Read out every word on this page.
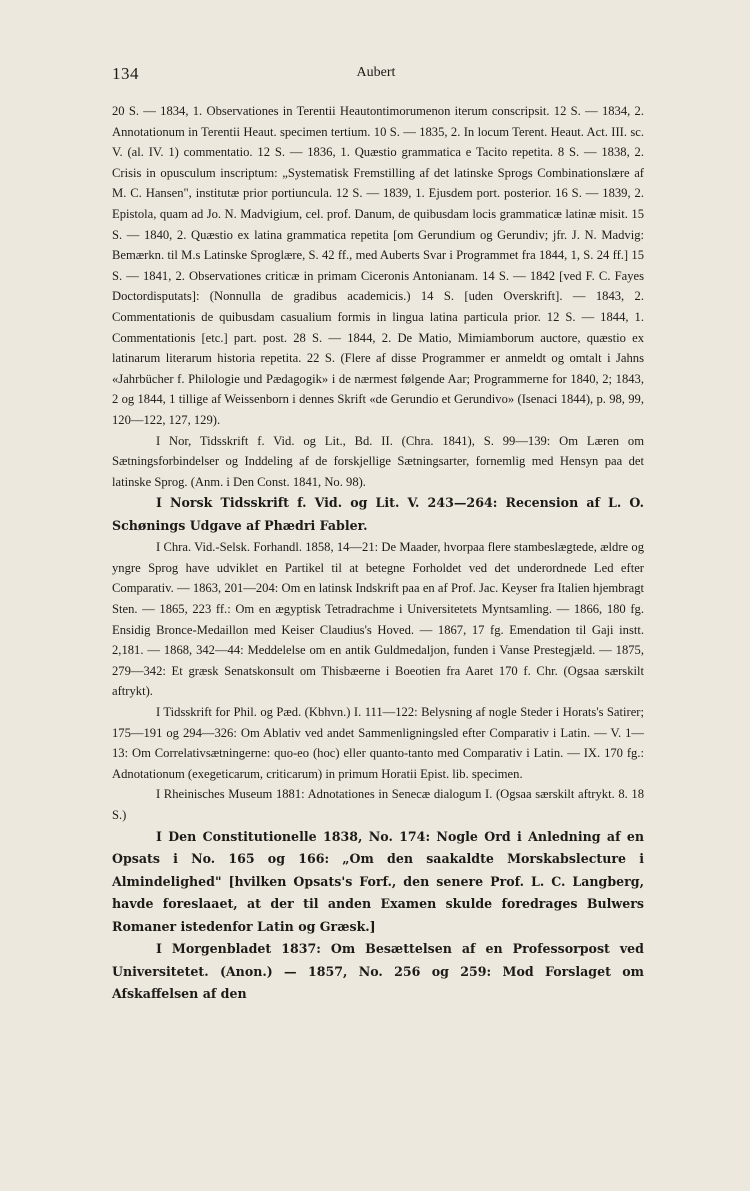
134	Aubert

20 S. — 1834, 1. Observationes in Terentii Heautontimorumenon iterum conscripsit. 12 S. — 1834, 2. Annotationum in Terentii Heaut. specimen tertium. 10 S. — 1835, 2. In locum Terent. Heaut. Act. III. sc. V. (al. IV. 1) commentatio. 12 S. — 1836, 1. Quæstio grammatica e Tacito repetita. 8 S. — 1838, 2. Crisis in opusculum inscriptum: „Systematisk Fremstilling af det latinske Sprogs Combinationslære af M. C. Hansen", institutæ prior portiuncula. 12 S. — 1839, 1. Ejusdem port. posterior. 16 S. — 1839, 2. Epistola, quam ad Jo. N. Madvigium, cel. prof. Danum, de quibusdam locis grammaticæ latinæ misit. 15 S. — 1840, 2. Quæstio ex latina grammatica repetita [om Gerundium og Gerundiv; jfr. J. N. Madvig: Bemærkn. til M.s Latinske Sproglære, S. 42 ff., med Auberts Svar i Programmet fra 1844, 1, S. 24 ff.] 15 S. — 1841, 2. Observationes criticæ in primam Ciceronis Antonianam. 14 S. — 1842 [ved F. C. Fayes Doctordisputats]: (Nonnulla de gradibus academicis.) 14 S. [uden Overskrift]. — 1843, 2. Commentationis de quibusdam casualium formis in lingua latina particula prior. 12 S. — 1844, 1. Commentationis [etc.] part. post. 28 S. — 1844, 2. De Matio, Mimiamborum auctore, quæstio ex latinarum literarum historia repetita. 22 S. (Flere af disse Programmer er anmeldt og omtalt i Jahns «Jahrbücher f. Philologie und Pædagogik» i de nærmest følgende Aar; Programmerne for 1840, 2; 1843, 2 og 1844, 1 tillige af Weissenborn i dennes Skrift «de Gerundio et Gerundivo» (Isenaci 1844), p. 98, 99, 120—122, 127, 129).

I Nor, Tidsskrift f. Vid. og Lit., Bd. II. (Chra. 1841), S. 99—139: Om Læren om Sætningsforbindelser og Inddeling af de forskjellige Sætningsarter, fornemlig med Hensyn paa det latinske Sprog. (Anm. i Den Const. 1841, No. 98).

I Norsk Tidsskrift f. Vid. og Lit. V. 243—264: Recension af L. O. Schønings Udgave af Phædri Fabler.

I Chra. Vid.-Selsk. Forhandl. 1858, 14—21: De Maader, hvorpaa flere stambeslægtede, ældre og yngre Sprog have udviklet en Partikel til at betegne Forholdet ved det underordnede Led efter Comparativ. — 1863, 201—204: Om en latinsk Indskrift paa en af Prof. Jac. Keyser fra Italien hjembragt Sten. — 1865, 223 ff.: Om en ægyptisk Tetradrachme i Universitetets Myntsamling. — 1866, 180 fg. Ensidig Bronce-Medaillon med Keiser Claudius's Hoved. — 1867, 17 fg. Emendation til Gaji instt. 2,181. — 1868, 342—44: Meddelelse om en antik Guldmedaljon, funden i Vanse Prestegjæld. — 1875, 279—342: Et græsk Senatskonsult om Thisbæerne i Boeotien fra Aaret 170 f. Chr. (Ogsaa særskilt aftrykt).

I Tidsskrift for Phil. og Pæd. (Kbhvn.) I. 111—122: Belysning af nogle Steder i Horats's Satirer; 175—191 og 294—326: Om Ablativ ved andet Sammenligningsled efter Comparativ i Latin. — V. 1—13: Om Correlativsætningerne: quo-eo (hoc) eller quanto-tanto med Comparativ i Latin. — IX. 170 fg.: Adnotationum (exegeticarum, criticarum) in primum Horatii Epist. lib. specimen.

I Rheinisches Museum 1881: Adnotationes in Senecæ dialogum I. (Ogsaa særskilt aftrykt. 8. 18 S.)

I Den Constitutionelle 1838, No. 174: Nogle Ord i Anledning af en Opsats i No. 165 og 166: „Om den saakaldte Morskabslecture i Almindelighed" [hvilken Opsats's Forf., den senere Prof. L. C. Langberg, havde foreslaaet, at der til anden Examen skulde foredrages Bulwers Romaner istedenfor Latin og Græsk.]

I Morgenbladet 1837: Om Besættelsen af en Professorpost ved Universitetet. (Anon.) — 1857, No. 256 og 259: Mod Forslaget om Afskaffelsen af den
